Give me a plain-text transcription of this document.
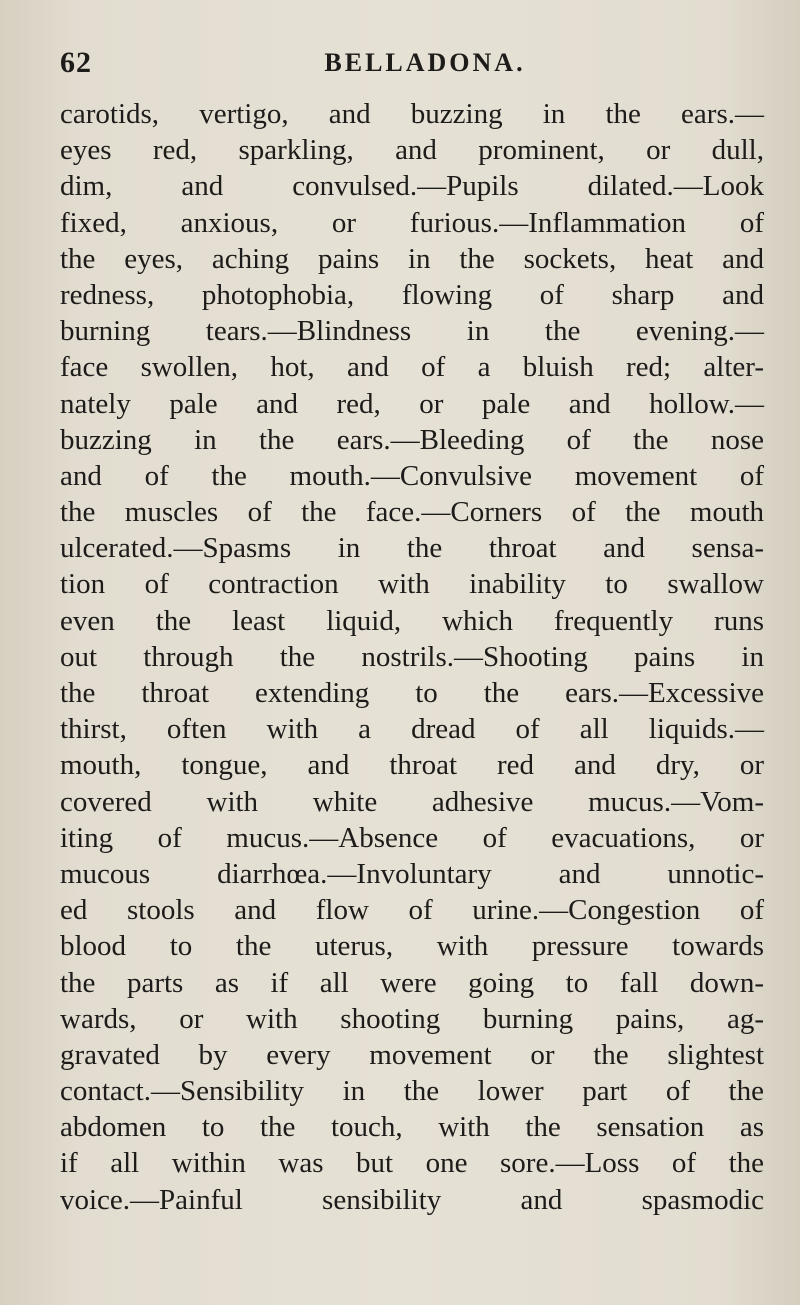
62	BELLADONA.
carotids, vertigo, and buzzing in the ears.—
eyes red, sparkling, and prominent, or dull,
dim, and convulsed.—Pupils dilated.—Look
fixed, anxious, or furious.—Inflammation of
the eyes, aching pains in the sockets, heat and
redness, photophobia, flowing of sharp and
burning tears.—Blindness in the evening.—
face swollen, hot, and of a bluish red; alter-
nately pale and red, or pale and hollow.—
buzzing in the ears.—Bleeding of the nose
and of the mouth.—Convulsive movement of
the muscles of the face.—Corners of the mouth
ulcerated.—Spasms in the throat and sensa-
tion of contraction with inability to swallow
even the least liquid, which frequently runs
out through the nostrils.—Shooting pains in
the throat extending to the ears.—Excessive
thirst, often with a dread of all liquids.—
mouth, tongue, and throat red and dry, or
covered with white adhesive mucus.—Vom-
iting of mucus.—Absence of evacuations, or
mucous diarrhœa.—Involuntary and unnotic-
ed stools and flow of urine.—Congestion of
blood to the uterus, with pressure towards
the parts as if all were going to fall down-
wards, or with shooting burning pains, ag-
gravated by every movement or the slightest
contact.—Sensibility in the lower part of the
abdomen to the touch, with the sensation as
if all within was but one sore.—Loss of the
voice.—Painful sensibility and spasmodic
